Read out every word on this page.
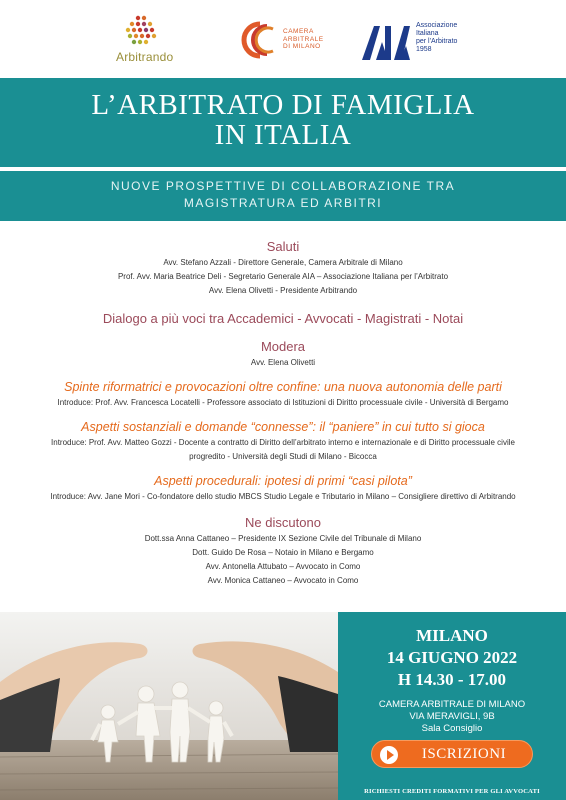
Arbitrando
CAMERA
ARBITRALE
DI MILANO
Associazione
Italiana
per l'Arbitrato
1958
L’ARBITRATO DI FAMIGLIA
IN ITALIA
NUOVE PROSPETTIVE DI COLLABORAZIONE TRA
MAGISTRATURA ED ARBITRI
Saluti
Avv. Stefano Azzali - Direttore Generale, Camera Arbitrale di Milano
Prof. Avv. Maria Beatrice Deli - Segretario Generale AIA – Associazione Italiana per l’Arbitrato
Avv. Elena Olivetti - Presidente Arbitrando
Dialogo a più voci tra Accademici - Avvocati - Magistrati - Notai
Modera
Avv. Elena Olivetti
Spinte riformatrici e provocazioni oltre confine: una nuova autonomia delle parti
Introduce: Prof. Avv. Francesca Locatelli - Professore associato di Istituzioni di Diritto processuale civile - Università di Bergamo
Aspetti sostanziali e domande “connesse”: il “paniere” in cui tutto si gioca
Introduce: Prof. Avv. Matteo Gozzi - Docente a contratto di Diritto dell’arbitrato interno e internazionale e di Diritto processuale civile
progredito - Università degli Studi di Milano - Bicocca
Aspetti procedurali: ipotesi di primi “casi pilota”
Introduce: Avv. Jane Mori - Co-fondatore dello studio MBCS Studio Legale e Tributario in Milano – Consigliere direttivo di Arbitrando
Ne discutono
Dott.ssa Anna Cattaneo – Presidente IX Sezione Civile del Tribunale di Milano
Dott. Guido De Rosa – Notaio in Milano e Bergamo
Avv. Antonella Attubato – Avvocato in Como
Avv. Monica Cattaneo – Avvocato in Como
MILANO
14 GIUGNO 2022
H 14.30 - 17.00
CAMERA ARBITRALE DI MILANO
VIA MERAVIGLI, 9B
Sala Consiglio
ISCRIZIONI
RICHIESTI CREDITI FORMATIVI PER GLI AVVOCATI
